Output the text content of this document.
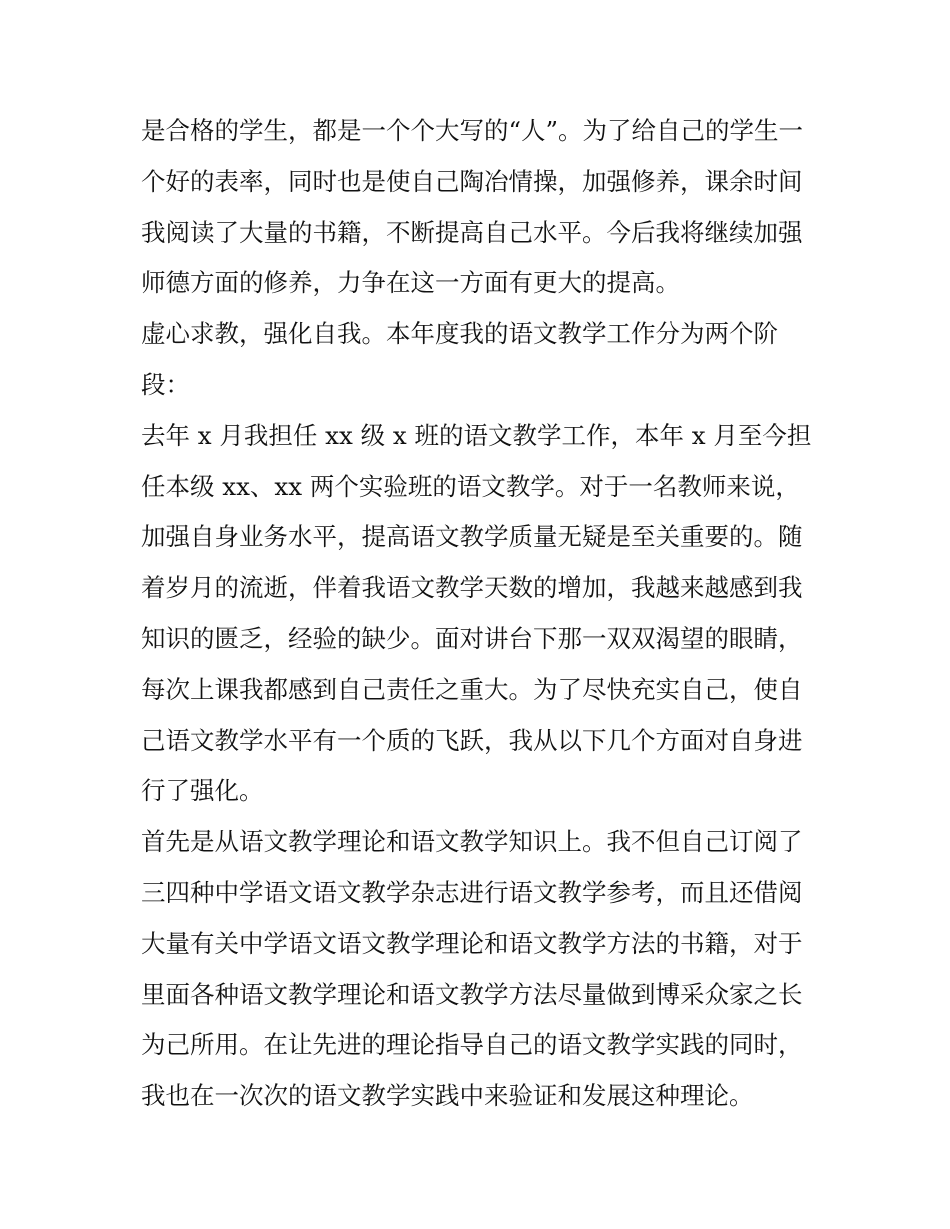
是合格的学生，都是一个个大写的“人”。为了给自己的学生一
个好的表率，同时也是使自己陶冶情操，加强修养，课余时间
我阅读了大量的书籍，不断提高自己水平。今后我将继续加强
师德方面的修养，力争在这一方面有更大的提高。
虚心求教，强化自我。本年度我的语文教学工作分为两个阶
段：
去年 x 月我担任 xx 级 x 班的语文教学工作，本年 x 月至今担
任本级 xx、xx 两个实验班的语文教学。对于一名教师来说，
加强自身业务水平，提高语文教学质量无疑是至关重要的。随
着岁月的流逝，伴着我语文教学天数的增加，我越来越感到我
知识的匮乏，经验的缺少。面对讲台下那一双双渴望的眼睛，
每次上课我都感到自己责任之重大。为了尽快充实自己，使自
己语文教学水平有一个质的飞跃，我从以下几个方面对自身进
行了强化。
首先是从语文教学理论和语文教学知识上。我不但自己订阅了
三四种中学语文语文教学杂志进行语文教学参考，而且还借阅
大量有关中学语文语文教学理论和语文教学方法的书籍，对于
里面各种语文教学理论和语文教学方法尽量做到博采众家之长
为己所用。在让先进的理论指导自己的语文教学实践的同时，
我也在一次次的语文教学实践中来验证和发展这种理论。
